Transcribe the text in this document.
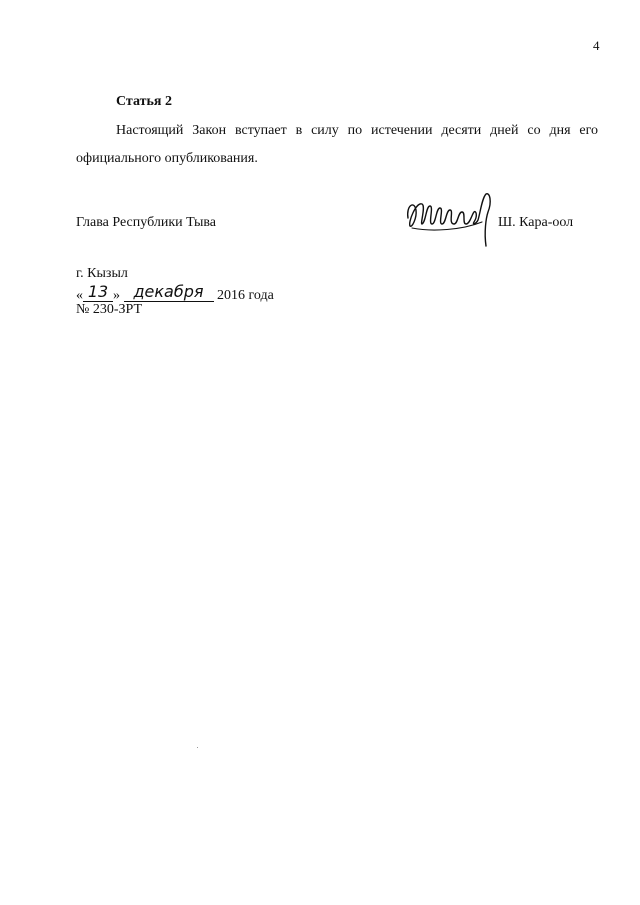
4
Статья 2
Настоящий Закон вступает в силу по истечении десяти дней со дня его
официального опубликования.
Глава Республики Тыва	Ш. Кара-оол
г. Кызыл
« 13 » декабря 2016 года
№ 230-ЗРТ
